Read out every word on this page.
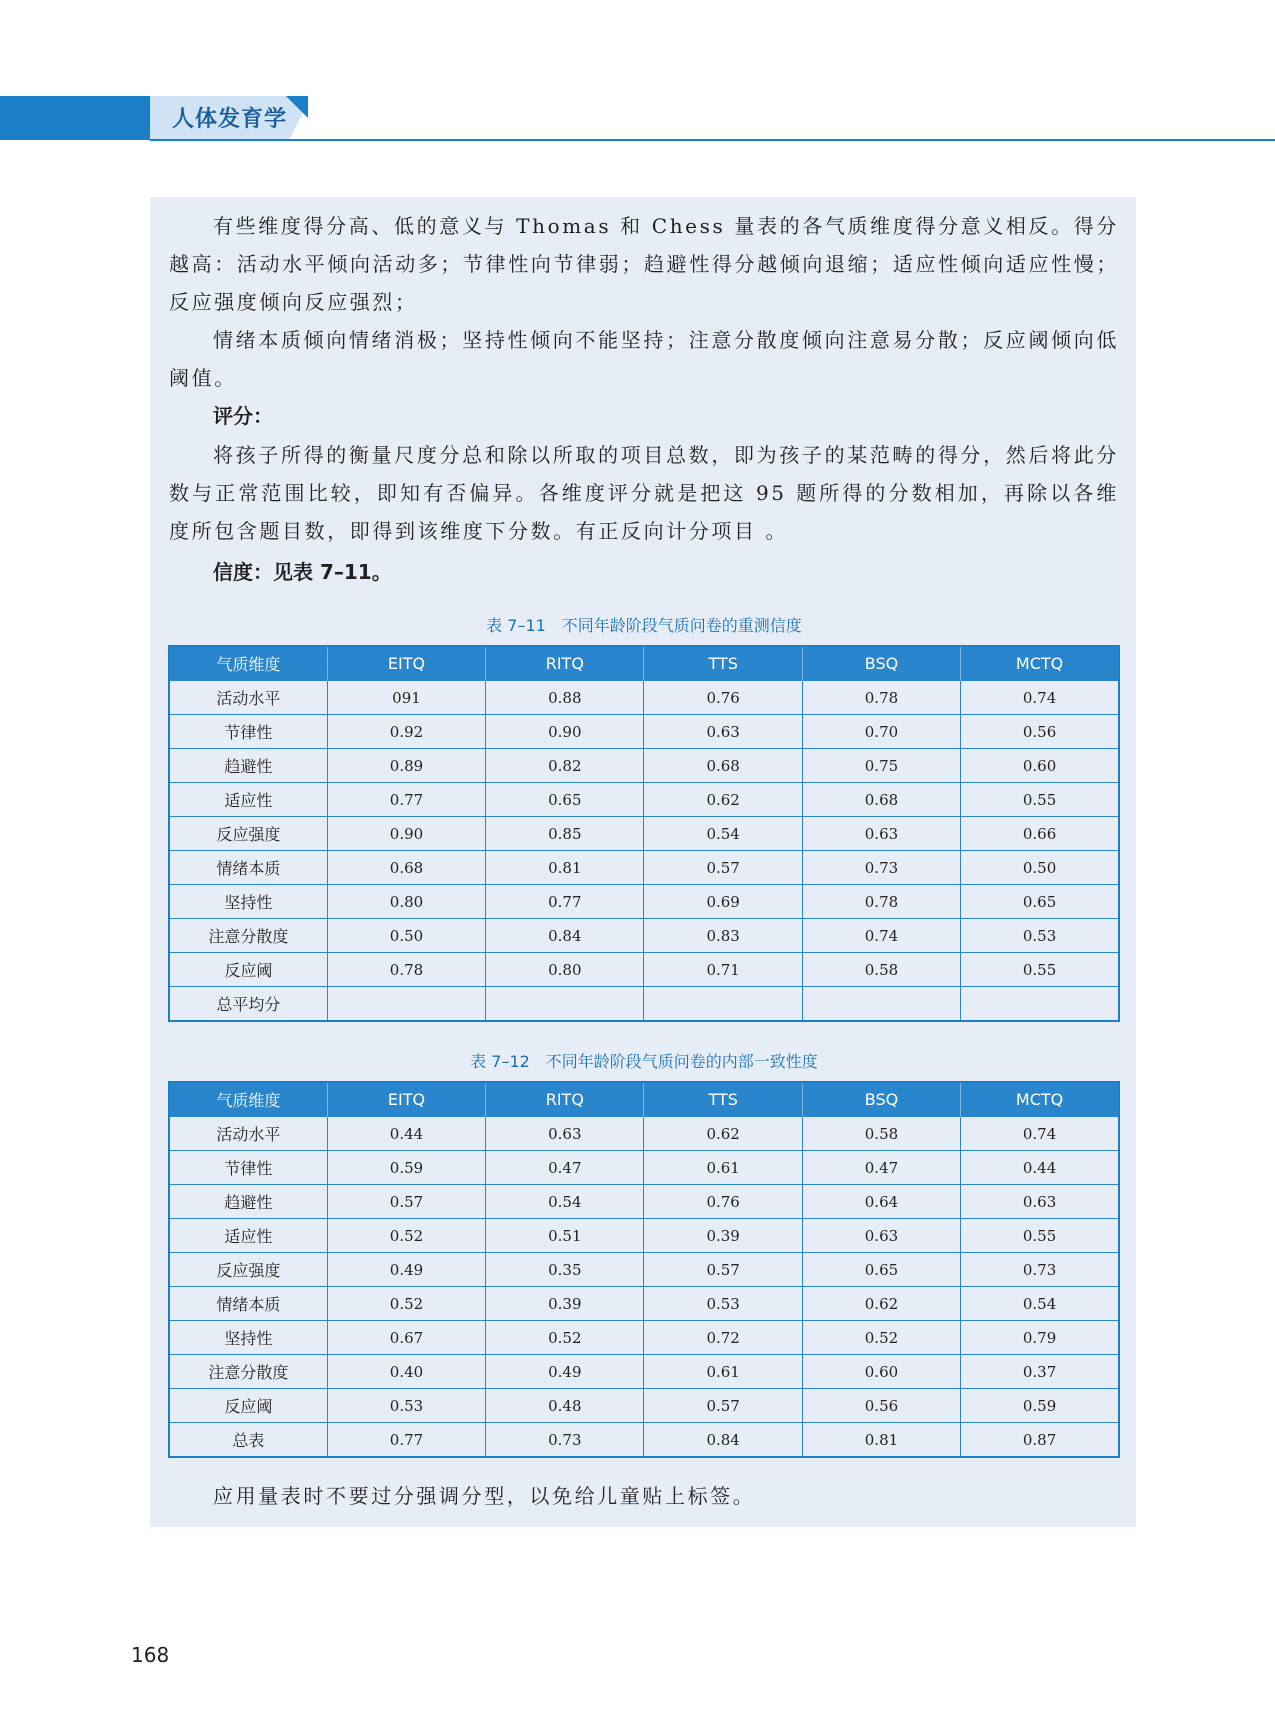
人体发育学

有些维度得分高、低的意义与 Thomas 和 Chess 量表的各气质维度得分意义相反。得分越高：活动水平倾向活动多；节律性向节律弱；趋避性得分越倾向退缩；适应性倾向适应性慢；反应强度倾向反应强烈；

情绪本质倾向情绪消极；坚持性倾向不能坚持；注意分散度倾向注意易分散；反应阈倾向低阈值。

评分：

将孩子所得的衡量尺度分总和除以所取的项目总数，即为孩子的某范畴的得分，然后将此分数与正常范围比较，即知有否偏异。各维度评分就是把这 95 题所得的分数相加，再除以各维度所包含题目数，即得到该维度下分数。有正反向计分项目 。

信度：见表 7–11。
表 7–11　不同年龄阶段气质问卷的重测信度
气质维度	EITQ	RITQ	TTS	BSQ	MCTQ
活动水平	091	0.88	0.76	0.78	0.74
节律性	0.92	0.90	0.63	0.70	0.56
趋避性	0.89	0.82	0.68	0.75	0.60
适应性	0.77	0.65	0.62	0.68	0.55
反应强度	0.90	0.85	0.54	0.63	0.66
情绪本质	0.68	0.81	0.57	0.73	0.50
坚持性	0.80	0.77	0.69	0.78	0.65
注意分散度	0.50	0.84	0.83	0.74	0.53
反应阈	0.78	0.80	0.71	0.58	0.55
总平均分					
表 7–12　不同年龄阶段气质问卷的内部一致性度
气质维度	EITQ	RITQ	TTS	BSQ	MCTQ
活动水平	0.44	0.63	0.62	0.58	0.74
节律性	0.59	0.47	0.61	0.47	0.44
趋避性	0.57	0.54	0.76	0.64	0.63
适应性	0.52	0.51	0.39	0.63	0.55
反应强度	0.49	0.35	0.57	0.65	0.73
情绪本质	0.52	0.39	0.53	0.62	0.54
坚持性	0.67	0.52	0.72	0.52	0.79
注意分散度	0.40	0.49	0.61	0.60	0.37
反应阈	0.53	0.48	0.57	0.56	0.59
总表	0.77	0.73	0.84	0.81	0.87

应用量表时不要过分强调分型，以免给儿童贴上标签。

168
